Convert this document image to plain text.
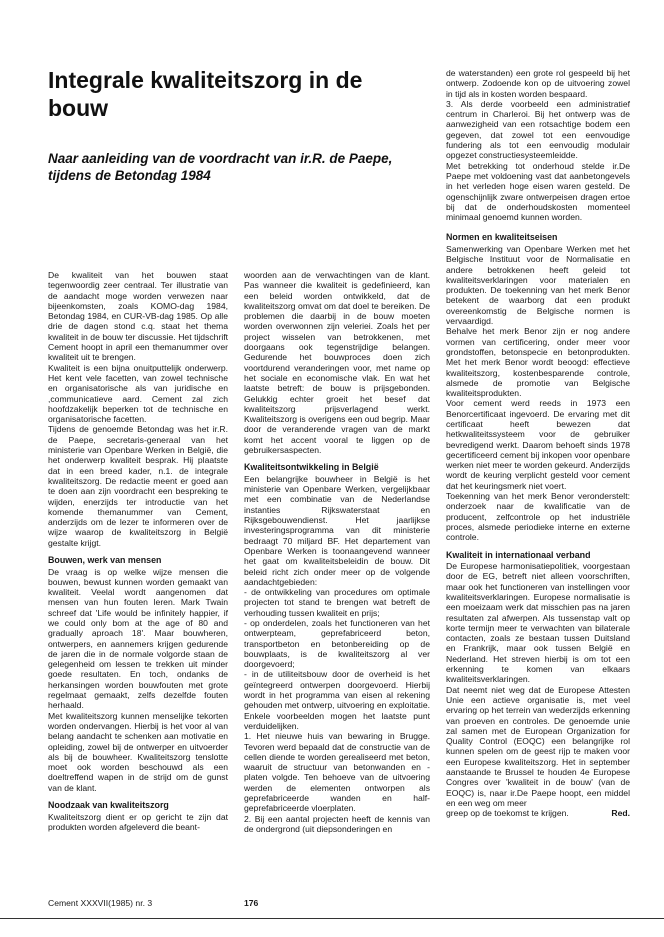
Integrale kwaliteitszorg in de bouw
Naar aanleiding van de voordracht van ir.R. de Paepe, tijdens de Betondag 1984

De kwaliteit van het bouwen staat tegenwoordig zeer centraal. Ter illustratie van de aandacht moge worden verwezen naar bijeenkomsten, zoals KOMO-dag 1984, Betondag 1984, en CUR-VB-dag 1985. Op alle drie de dagen stond c.q. staat het thema kwaliteit in de bouw ter discussie. Het tijdschrift Cement hoopt in april een themanummer over kwaliteit uit te brengen.

Kwaliteit is een bijna onuitputtelijk onderwerp. Het kent vele facetten, van zowel technische en organisatorische als van juridische en ,communicatieve aard. Cement zal zich hoofdzakelijk beperken tot de technische en organisatorische facetten.

Tijdens de genoemde Betondag was het ir.R. de Paepe, secretaris-generaal van het ministerie van Openbare Werken in België, die het onderwerp kwaliteit besprak. Hij plaatste dat in een breed kader, n.1. de integrale kwaliteitszorg. De redactie meent er goed aan te doen aan zijn voordracht een bespreking te wijden, enerzijds ter introductie van het komende themanummer van Cement, anderzijds om de lezer te informeren over de wijze waarop de kwaliteitszorg in België gestalte krijgt.

Bouwen, werk van mensen

De vraag is op welke wijze mensen die bouwen, bewust kunnen worden gemaakt van kwaliteit. Veelal wordt aangenomen dat mensen van hun fouten leren. Mark Twain schreef dat 'Life would be infinitely happier, if we could only bom at the age of 80 and gradually aproach 18'. Maar bouwheren, ontwerpers, en aannemers krijgen gedurende de jaren die in de normale volgorde staan de gelegenheid om lessen te trekken uit minder goede resultaten. En toch, ondanks de herkansingen worden bouwfouten met grote regelmaat gemaakt, zelfs dezelfde fouten herhaald.

Met kwaliteitszorg kunnen menselijke tekorten worden ondervangen. Hierbij is het voor al van belang aandacht te schenken aan motivatie en opleiding, zowel bij de ontwerper en uitvoerder als bij de bouwheer. Kwaliteitszorg tenslotte moet ook worden beschouwd als een doeltreffend wapen in de strijd om de gunst van de klant.

Noodzaak van kwaliteitszorg

Kwaliteitszorg dient er op gericht te zijn dat produkten worden afgeleverd die beant-

woorden aan de verwachtingen van de klant. Pas wanneer die kwaliteit is gedefinieerd, kan een beleid worden ontwikkeld, dat de kwaliteitszorg omvat om dat doel te bereiken. De problemen die daarbij in de bouw moeten worden overwonnen zijn veleriei. Zoals het per project wisselen van betrokkenen, met doorgaans ook tegenstrijdige belangen. Gedurende het bouwproces doen zich voortdurend veranderingen voor, met name op het sociale en economische vlak. En wat het laatste betreft: de bouw is prijsgebonden. Gelukkig echter groeit het besef dat kwaliteitszorg prijsverlagend werkt. Kwaliteitszorg is overigens een oud begrip. Maar door de veranderende vragen van de markt komt het accent vooral te liggen op de gebruikersaspecten.

Kwaliteitsontwikkeling in België

Een belangrijke bouwheer in België is het ministerie van Openbare Werken, vergelijkbaar met een combinatie van de Nederlandse instanties Rijkswaterstaat en Rijksgebouwendienst. Het jaarlijkse investeringsprogramma van dit ministerie bedraagt 70 miljard BF. Het departement van Openbare Werken is toonaangevend wanneer het gaat om kwaliteitsbeleidin de bouw. Dit beleid richt zich onder meer op de volgende aandachtgebieden:

- de ontwikkeling van procedures om optimale projecten tot stand te brengen wat betreft de verhouding tussen kwaliteit en prijs;

- op onderdelen, zoals het functioneren van het ontwerpteam, geprefabriceerd beton, transportbeton en betonbereiding op de bouwplaats, is de kwaliteitszorg al ver doorgevoerd;

- in de utiliteitsbouw door de overheid is het geïntegreerd ontwerpen doorgevoerd. Hierbij wordt in het programma van eisen al rekening gehouden met ontwerp, uitvoering en exploitatie. Enkele voorbeelden mogen het laatste punt verduidelijken.

1. Het nieuwe huis van bewaring in Brugge. Tevoren werd bepaald dat de constructie van de cellen diende te worden gerealiseerd met beton, waaruit de structuur van betonwanden en -platen volgde. Ten behoeve van de uitvoering werden de elementen ontworpen als geprefabriceerde wanden en half-geprefabriceerde vloerplaten.

2. Bij een aantal projecten heeft de kennis van de ondergrond (uit diepsonderingen en

de waterstanden) een grote rol gespeeld bij het ontwerp. Zodoende kon op de uitvoering zowel in tijd als in kosten worden bespaard.

3. Als derde voorbeeld een administratief centrum in Charleroi. Bij het ontwerp was de aanwezigheid van een rotsachtige bodem een gegeven, dat zowel tot een eenvoudige fundering als tot een eenvoudig modulair opgezet constructiesysteemleidde.

Met betrekking tot onderhoud stelde ir.De Paepe met voldoening vast dat aanbetongevels in het verleden hoge eisen waren gesteld. De ogenschijnlijk zware ontwerpeisen dragen ertoe bij dat de onderhoudskosten momenteel minimaal genoemd kunnen worden.

Normen en kwaliteitseisen

Samenwerking van Openbare Werken met het Belgische Instituut voor de Normalisatie en andere betrokkenen heeft geleid tot kwaliteitsverklaringen voor materialen en produkten. De toekenning van het merk Benor betekent de waarborg dat een produkt overeenkomstig de Belgische normen is vervaardigd.

Behalve het merk Benor zijn er nog andere vormen van certificering, onder meer voor grondstoffen, betonspecie en betonprodukten. Met het merk Benor wordt beoogd: effectieve kwaliteitszorg, kostenbesparende controle, alsmede de promotie van Belgische kwaliteitsprodukten.

Voor cement werd reeds in 1973 een Benorcertificaat ingevoerd. De ervaring met dit certificaat heeft bewezen dat hetkwaliteitssysteem voor de gebruiker bevredigend werkt. Daarom behoeft sinds 1978 gecertificeerd cement bij inkopen voor openbare werken niet meer te worden gekeurd. Anderzijds wordt de keuring verplicht gesteld voor cement dat het keuringsmerk niet voert.

Toekenning van het merk Benor veronderstelt: onderzoek naar de kwalificatie van de producent, zelfcontrole op het industriële proces, alsmede periodieke interne en externe controle.

Kwaliteit in internationaal verband

De Europese harmonisatiepolitiek, voorgestaan door de EG, betreft niet alleen voorschriften, maar ook het functioneren van instellingen voor kwaliteitsverklaringen. Europese normalisatie is een moeizaam werk dat misschien pas na jaren resultaten zal afwerpen. Als tussenstap valt op korte termijn meer te verwachten van bilaterale contacten, zoals ze bestaan tussen Duitsland en Frankrijk, maar ook tussen België en Nederland. Het streven hierbij is om tot een erkenning te komen van elkaars kwaliteitsverklaringen.

Dat neemt niet weg dat de Europese Attesten Unie een actieve organisatie is, met veel ervaring op het terrein van wederzijds erkenning van proeven en controles. De genoemde unie zal samen met de European Organization for Quality Control (EOQC) een belangrijke rol kunnen spelen om de geest rijp te maken voor een Europese kwaliteitszorg. Het in september aanstaande te Brussel te houden 4e Europese Congres over 'kwaliteit in de bouw' (van de EOQC) is, naar ir.De Paepe hoopt, een middel en een weg om meer

greep op de toekomst te krijgen.	Red.
Cement XXXVII(1985) nr. 3	176
